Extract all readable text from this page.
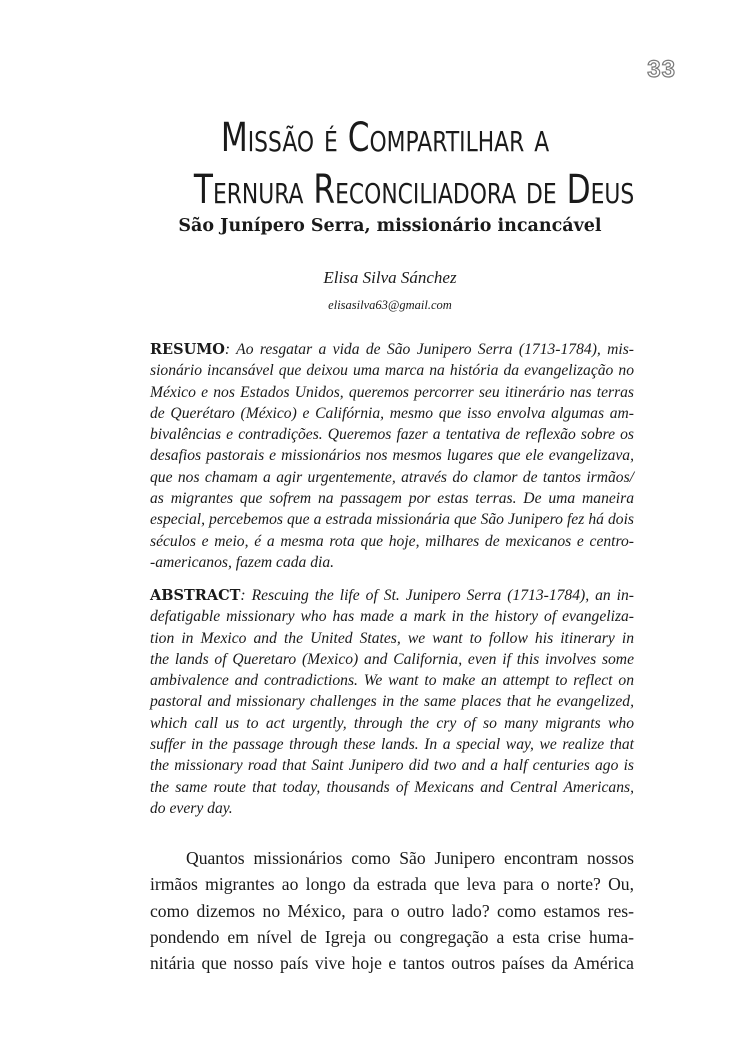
33
Missão é Compartilhar a
Ternura Reconciliadora de Deus
São Junípero Serra, missionário incancável
Elisa Silva Sánchez
elisasilva63@gmail.com
RESUMO: Ao resgatar a vida de São Junipero Serra (1713-1784), mis-
sionário incansável que deixou uma marca na história da evangelização no
México e nos Estados Unidos, queremos percorrer seu itinerário nas terras
de Querétaro (México) e Califórnia, mesmo que isso envolva algumas am-
bivalências e contradições. Queremos fazer a tentativa de reflexão sobre os
desafios pastorais e missionários nos mesmos lugares que ele evangelizava,
que nos chamam a agir urgentemente, através do clamor de tantos irmãos/
as migrantes que sofrem na passagem por estas terras. De uma maneira
especial, percebemos que a estrada missionária que São Junipero fez há dois
séculos e meio, é a mesma rota que hoje, milhares de mexicanos e centro-
-americanos, fazem cada dia.
ABSTRACT: Rescuing the life of St. Junipero Serra (1713-1784), an in-
defatigable missionary who has made a mark in the history of evangeliza-
tion in Mexico and the United States, we want to follow his itinerary in
the lands of Queretaro (Mexico) and California, even if this involves some
ambivalence and contradictions. We want to make an attempt to reflect on
pastoral and missionary challenges in the same places that he evangelized,
which call us to act urgently, through the cry of so many migrants who
suffer in the passage through these lands. In a special way, we realize that
the missionary road that Saint Junipero did two and a half centuries ago is
the same route that today, thousands of Mexicans and Central Americans,
do every day.
Quantos missionários como São Junipero encontram nossos
irmãos migrantes ao longo da estrada que leva para o norte? Ou,
como dizemos no México, para o outro lado? como estamos res-
pondendo em nível de Igreja ou congregação a esta crise huma-
nitária que nosso país vive hoje e tantos outros países da América
